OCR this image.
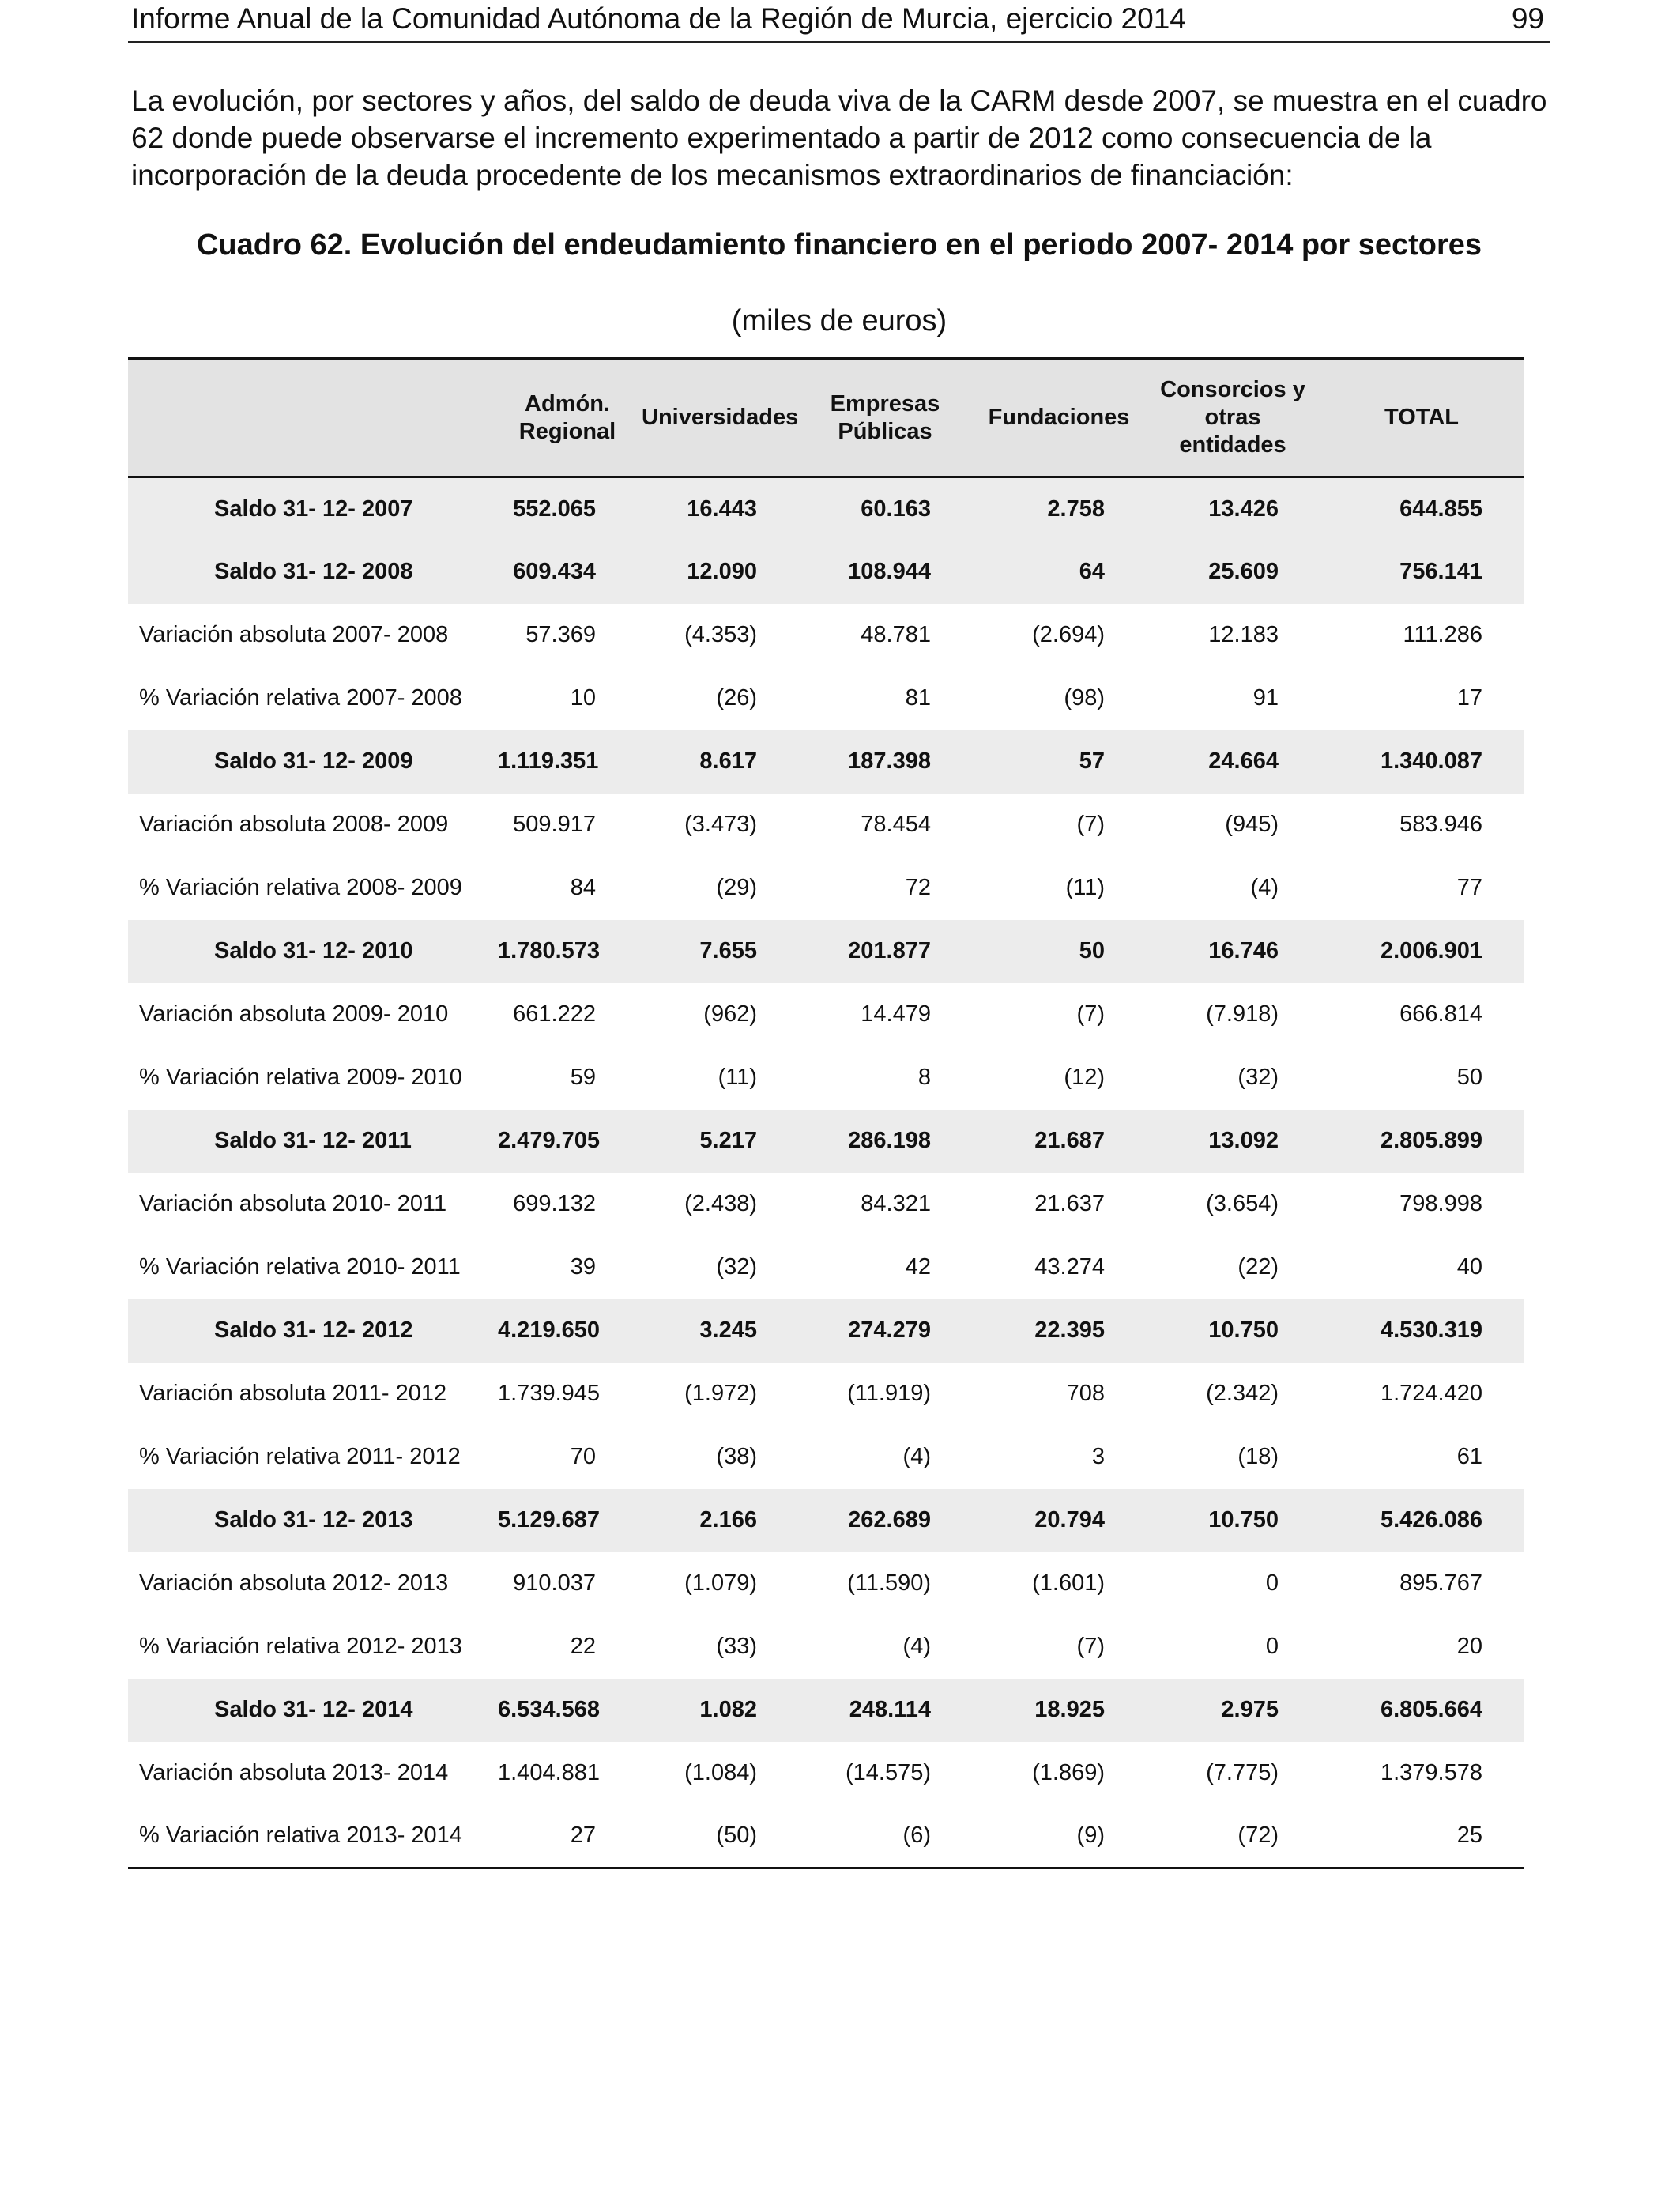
Informe Anual de la Comunidad Autónoma de la Región de Murcia, ejercicio 2014	99

La evolución, por sectores y años, del saldo de deuda viva de la CARM desde 2007, se muestra en el cuadro 62 donde puede observarse el incremento experimentado a partir de 2012 como consecuencia de la incorporación de la deuda procedente de los mecanismos extraordinarios de financiación:

Cuadro 62. Evolución del endeudamiento financiero en el periodo 2007- 2014 por sectores
(miles de euros)
	Admón. Regional	Universidades	Empresas Públicas	Fundaciones	Consorcios y otras entidades	TOTAL
Saldo 31- 12- 2007	552.065	16.443	60.163	2.758	13.426	644.855
Saldo 31- 12- 2008	609.434	12.090	108.944	64	25.609	756.141
Variación absoluta 2007- 2008	57.369	(4.353)	48.781	(2.694)	12.183	111.286
% Variación relativa 2007- 2008	10	(26)	81	(98)	91	17
Saldo 31- 12- 2009	1.119.351	8.617	187.398	57	24.664	1.340.087
Variación absoluta 2008- 2009	509.917	(3.473)	78.454	(7)	(945)	583.946
% Variación relativa 2008- 2009	84	(29)	72	(11)	(4)	77
Saldo 31- 12- 2010	1.780.573	7.655	201.877	50	16.746	2.006.901
Variación absoluta 2009- 2010	661.222	(962)	14.479	(7)	(7.918)	666.814
% Variación relativa 2009- 2010	59	(11)	8	(12)	(32)	50
Saldo 31- 12- 2011	2.479.705	5.217	286.198	21.687	13.092	2.805.899
Variación absoluta 2010- 2011	699.132	(2.438)	84.321	21.637	(3.654)	798.998
% Variación relativa 2010- 2011	39	(32)	42	43.274	(22)	40
Saldo 31- 12- 2012	4.219.650	3.245	274.279	22.395	10.750	4.530.319
Variación absoluta 2011- 2012	1.739.945	(1.972)	(11.919)	708	(2.342)	1.724.420
% Variación relativa 2011- 2012	70	(38)	(4)	3	(18)	61
Saldo 31- 12- 2013	5.129.687	2.166	262.689	20.794	10.750	5.426.086
Variación absoluta 2012- 2013	910.037	(1.079)	(11.590)	(1.601)	0	895.767
% Variación relativa 2012- 2013	22	(33)	(4)	(7)	0	20
Saldo 31- 12- 2014	6.534.568	1.082	248.114	18.925	2.975	6.805.664
Variación absoluta 2013- 2014	1.404.881	(1.084)	(14.575)	(1.869)	(7.775)	1.379.578
% Variación relativa 2013- 2014	27	(50)	(6)	(9)	(72)	25
